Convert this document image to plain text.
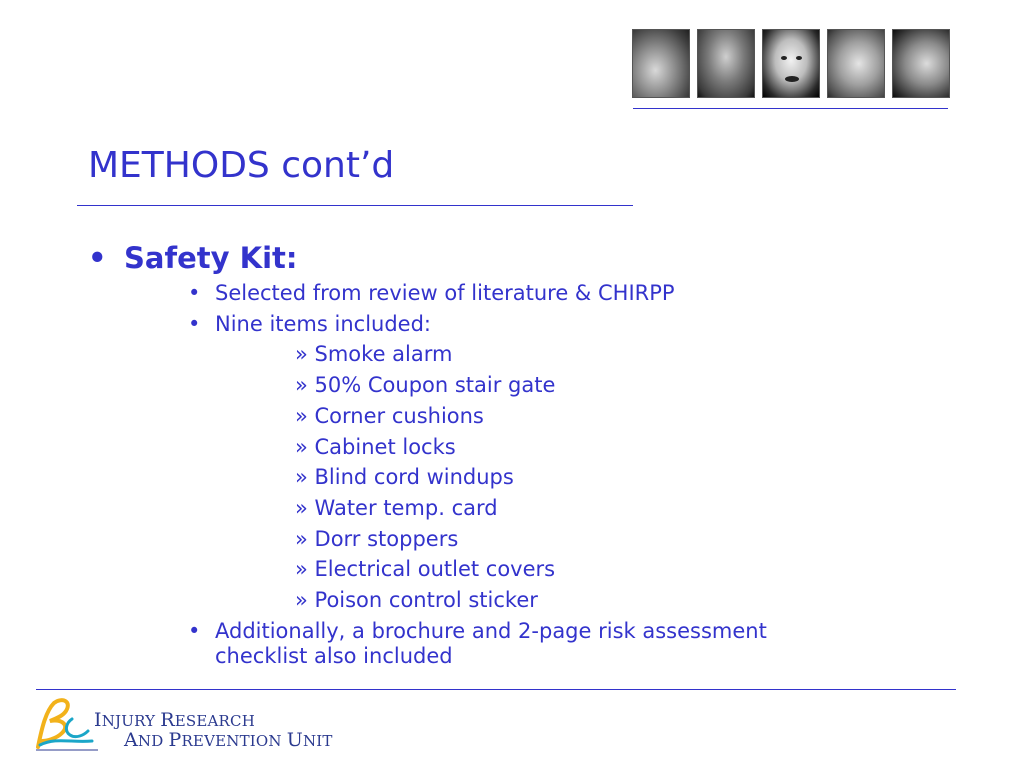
METHODS cont’d
• Safety Kit:
• Selected from review of literature & CHIRPP
• Nine items included:
» Smoke alarm
» 50% Coupon stair gate
» Corner cushions
» Cabinet locks
» Blind cord windups
» Water temp. card
» Dorr stoppers
» Electrical outlet covers
» Poison control sticker
• Additionally, a brochure and 2-page risk assessment
checklist also included
INJURY RESEARCH
AND PREVENTION UNIT
